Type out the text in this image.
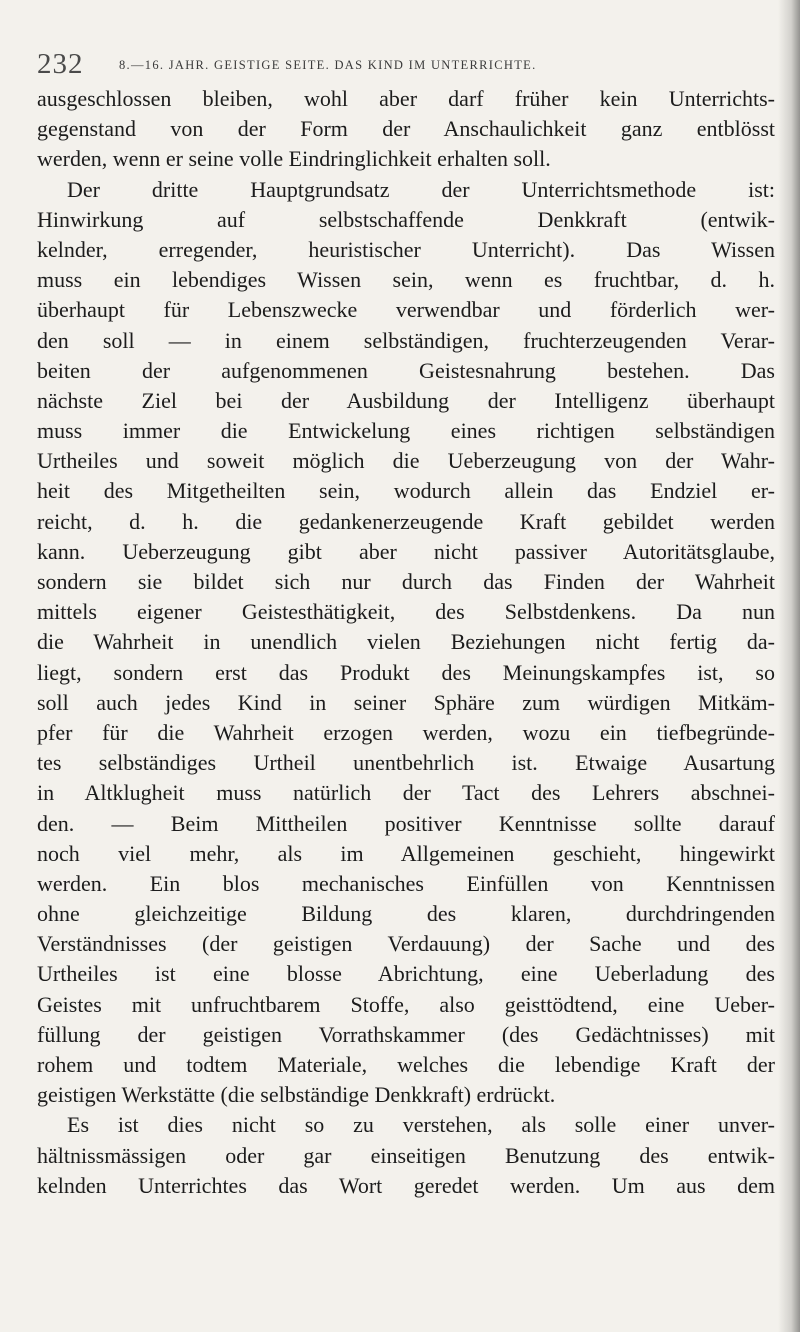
232	8.—16. JAHR. GEISTIGE SEITE. DAS KIND IM UNTERRICHTE.
ausgeschlossen bleiben, wohl aber darf früher kein Unterrichts-
gegenstand von der Form der Anschaulichkeit ganz entblösst
werden, wenn er seine volle Eindringlichkeit erhalten soll.
Der dritte Hauptgrundsatz der Unterrichtsmethode ist:
Hinwirkung auf selbstschaffende Denkkraft (entwik-
kelnder, erregender, heuristischer Unterricht). Das Wissen
muss ein lebendiges Wissen sein, wenn es fruchtbar, d. h.
überhaupt für Lebenszwecke verwendbar und förderlich wer-
den soll — in einem selbständigen, fruchterzeugenden Verar-
beiten der aufgenommenen Geistesnahrung bestehen. Das
nächste Ziel bei der Ausbildung der Intelligenz überhaupt
muss immer die Entwickelung eines richtigen selbständigen
Urtheiles und soweit möglich die Ueberzeugung von der Wahr-
heit des Mitgetheilten sein, wodurch allein das Endziel er-
reicht, d. h. die gedankenerzeugende Kraft gebildet werden
kann. Ueberzeugung gibt aber nicht passiver Autoritätsglaube,
sondern sie bildet sich nur durch das Finden der Wahrheit
mittels eigener Geistesthätigkeit, des Selbstdenkens. Da nun
die Wahrheit in unendlich vielen Beziehungen nicht fertig da-
liegt, sondern erst das Produkt des Meinungskampfes ist, so
soll auch jedes Kind in seiner Sphäre zum würdigen Mitkäm-
pfer für die Wahrheit erzogen werden, wozu ein tiefbegründe-
tes selbständiges Urtheil unentbehrlich ist. Etwaige Ausartung
in Altklugheit muss natürlich der Tact des Lehrers abschnei-
den. — Beim Mittheilen positiver Kenntnisse sollte darauf
noch viel mehr, als im Allgemeinen geschieht, hingewirkt
werden. Ein blos mechanisches Einfüllen von Kenntnissen
ohne gleichzeitige Bildung des klaren, durchdringenden
Verständnisses (der geistigen Verdauung) der Sache und des
Urtheiles ist eine blosse Abrichtung, eine Ueberladung des
Geistes mit unfruchtbarem Stoffe, also geisttödtend, eine Ueber-
füllung der geistigen Vorrathskammer (des Gedächtnisses) mit
rohem und todtem Materiale, welches die lebendige Kraft der
geistigen Werkstätte (die selbständige Denkkraft) erdrückt.
Es ist dies nicht so zu verstehen, als solle einer unver-
hältnissmässigen oder gar einseitigen Benutzung des entwik-
kelnden Unterrichtes das Wort geredet werden. Um aus dem
